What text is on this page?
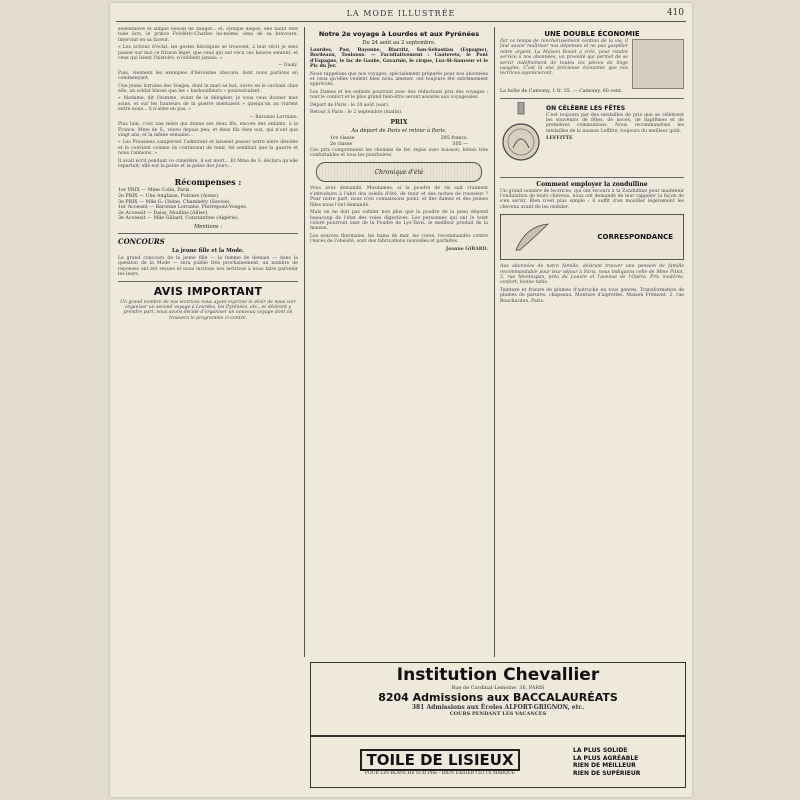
LA MODE ILLUSTRÉE	410

sédentaires et simple besoin de danger... et, lorsque dispos, elle faillit être tuée lors, le prince Frédéric-Charles lui-même, ému de sa bravoure, intervint en sa faveur.

« Les actions d'éclat, les gestes héroïques se trouvent, à leur récit je sens passer sur moi ce frisson léger, que ceux qui ont vécu ces heures sentent, et ceux qui lisent l'histoire, n'oublient jamais. »

— Daaly.

Puis, viennent les exemples d'héroïsme obscure, dont nous parlions en commençant.

Une jeune lorraine des Vosges, dont le mari se bat, ouvre en le cachant chez elle, un soldat blessé que les « barbouilleurs » poursuivaient.

« Madame, dit l'homme, avant de le délogiser, je vous veux donner mes soins, et sur les hauteurs de la guerre mentaient » quelqu'un au vinrent entre nous... il n'aime en pas. »

— Baronne Lorraine.

Plus loin, c'est une mère qui donne ses deux fils, encore des enfants, à la France. Mme de S., veuve depuis peu, et deux fils chez eux, qui n'ont que vingt ans, et la même semaine...

« Les Prussiens campèrent l'admirent et laissent passer notre mère désolée et la convient comme ils continuent de tenir, tel semblait que la guerre et nous l'aimions. »

Il avait écrit pendant ce cimetière, il est mort... Et Mme de S. déclara qu'elle repartait; elle eut la peine et la peine des jours...

Récompenses :
1er PRIX — Mme Colin, Paris.
2e PRIX — Une Anglaise, Poitiers (Aisne).
3e PRIX — Mlle G. Chéne, Chambéry (Savoie).
1er Accessit — Baronne Lorraine, Pierrepont-Vosges.
2e Accessit — Daisy, Moulins (Allier).
3e Accessit — Mlle Gillard, Constantine (Algérie).
Mentions :
CONCOURS
La jeune fille et la Mode.

Le grand concours de la jeune fille — la femme de demain — dans la question de la Mode — sera publié très prochainement, un nombre de réponses ont été reçues et nous invitons nos lectrices à nous faire parvenir les leurs.

AVIS IMPORTANT

Un grand nombre de nos lectrices nous ayant exprimé le désir de nous voir organiser un second voyage à Lourdes, les Pyrénées, etc., et désirant y prendre part, nous avons décidé d'organiser un nouveau voyage dont on trouvera le programme ci-contre.

Notre 2e voyage à Lourdes et aux Pyrénées
Du 24 août au 2 septembre.

Lourdes, Pau, Bayonne, Biarritz, San-Sebastian (Espagne), Bordeaux, Toulouse. — Facultativement : Cauterets, le Pont d'Espagne, le lac de Gaube, Gavarnie, le cirque, Luz-St-Sauveur et le Pic du Jer.

Nous rappelons que nos voyages, spécialement préparés pour nos abonnées et ceux qu'elles veulent bien nous amener, ont toujours été extrêmement appréciés.

Les Dames et les enfants pourront avec des réductions prix des voyages : tout le confort et le plus grand bien-être seront assurés aux voyageuses.

Départ de Paris : le 24 août (soir).

Retour à Paris : le 2 septembre (matin).

PRIX
Au départ de Paris et retour à Paris.
1re classe	395 francs.
2e classe	305 —

Ces prix comprennent les chemins de fer, repas avec boisson, hôtels très confortables et tous les pourboires.

Chronique d'été

Vous avez demandé, Mesdames, si la poudre de riz sait vraiment s'introduire à l'abri des soleils d'été, de tenir et des taches de rousseur ? Pour notre part, nous n'en connaissons point, et des dames et des jeunes filles nous l'ont demandé.

Mais on ne doit pas oublier non plus que la poudre de la peau dépend beaucoup de l'état des voies digestives. Les personnes qui ont le teint coloré pourront user de la Poudre de Lys-Tavis, le meilleur produit de la maison.

Les sources thermales, les bains de mer, les cures, recommandés contre l'excès de l'obésité, sont des fabrications nouvelles et parfaites.

Jeanne GIRARD.
UNE DOUBLE ÉCONOMIE

Par ce temps de renchérissement continu de la vie, il faut savoir maîtriser nos dépenses et ne pas gaspiller notre argent. La Maison Rouet a créé, pour rendre service à nos abonnées, un procédé qui permet de se servir indéfiniment de toutes les pièces de linge usagées. C'est là une précieuse économie que nos lectrices apprécieront.

La boîte de Camomy, 1 fr. 35. — Camomy, 60 cent.
ON CÉLÈBRE LES FÊTES

C'est toujours par des médailles de prix que se célèbrent les souvenirs de fêtes, de noces, de baptêmes et de premières communions. Nous recommandons les médailles de la maison Leffitte, toujours du meilleur goût.

LEFFITTE
Comment employer la zondulline

Un grand nombre de lectrices, qui ont recours à la Zondulline pour maintenir l'ondulation de leurs cheveux, nous ont demandé de leur rappeler la façon de s'en servir. Rien n'est plus simple : il suffit d'en mouiller légèrement les cheveux avant de les onduler.

CORRESPONDANCE

Aux abonnées de notre famille, désirant trouver une pension de famille recommandable pour leur séjour à Paris, nous indiquons celle de Mme Pitiot, 5, rue Montespan, près du Louvre et l'avenue de l'Opéra. Prix modérés, confort, bonne table.

Teinture et frisure de plumes d'autruche en tous genres. Transformation de plumes de parures, chapeaux. Monture d'aigrettes. Maison Frémont, 2, rue Bouchardon, Paris.

Institution Chevallier
Rue de Cardinal-Lemoine, 36, PARIS
8204 Admissions aux BACCALAURÉATS
381 Admissions aux Écoles ALFORT-GRIGNON, etc.
COURS PENDANT LES VACANCES
TOILE DE LISIEUX
POUR LIN-BLANCHE SUR PRE - BIEN EXIGER CETTE MARQUE
LA PLUS SOLIDE
LA PLUS AGRÉABLE
RIEN DE MEILLEUR
RIEN DE SUPÉRIEUR
